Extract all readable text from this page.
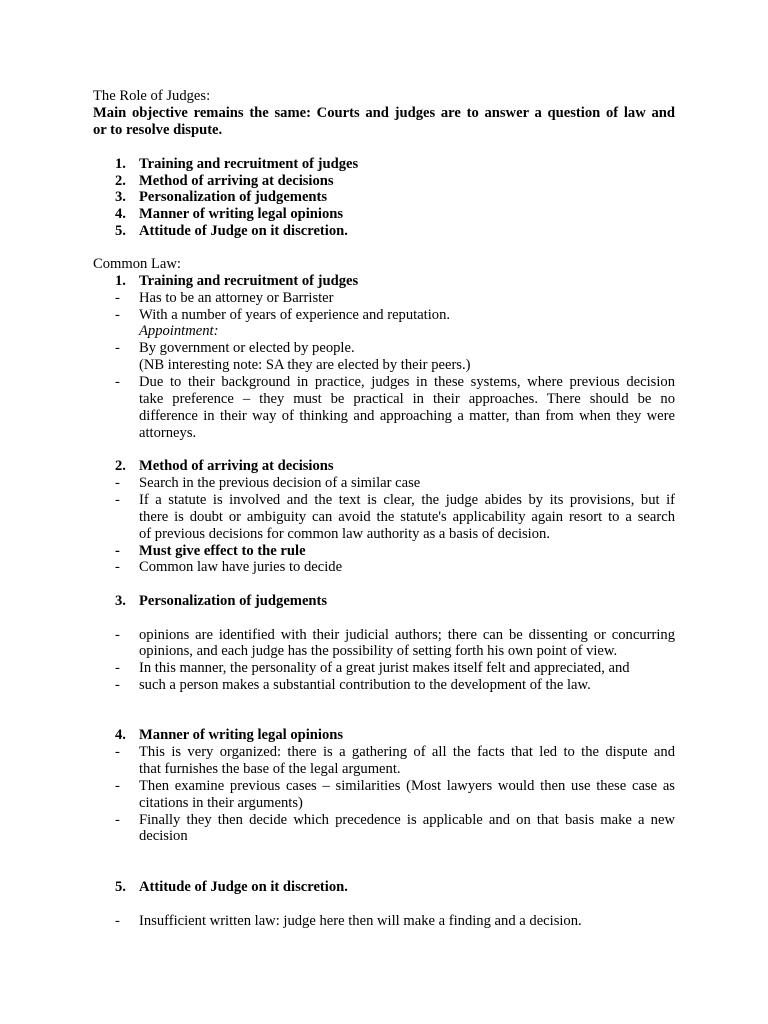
The Role of Judges:
Main objective remains the same: Courts and judges are to answer a question of law and
or to resolve dispute.
1. Training and recruitment of judges
2. Method of arriving at decisions
3. Personalization of judgements
4. Manner of writing legal opinions
5. Attitude of Judge on it discretion.
Common Law:
1. Training and recruitment of judges
-	Has to be an attorney or Barrister
-	With a number of years of experience and reputation.
Appointment:
-	By government or elected by people.
(NB interesting note: SA they are elected by their peers.)
-	Due to their background in practice, judges in these systems, where previous decision
take preference – they must be practical in their approaches. There should be no
difference in their way of thinking and approaching a matter, than from when they were
attorneys.
2. Method of arriving at decisions
-	Search in the previous decision of a similar case
-	If a statute is involved and the text is clear, the judge abides by its provisions, but if
there is doubt or ambiguity can avoid the statute's applicability again resort to a search
of previous decisions for common law authority as a basis of decision.
-	Must give effect to the rule
-	Common law have juries to decide
3. Personalization of judgements
-	opinions are identified with their judicial authors; there can be dissenting or concurring
opinions, and each judge has the possibility of setting forth his own point of view.
-	In this manner, the personality of a great jurist makes itself felt and appreciated, and
-	such a person makes a substantial contribution to the development of the law.
4. Manner of writing legal opinions
-	This is very organized: there is a gathering of all the facts that led to the dispute and
that furnishes the base of the legal argument.
-	Then examine previous cases – similarities (Most lawyers would then use these case as
citations in their arguments)
-	Finally they then decide which precedence is applicable and on that basis make a new
decision
5. Attitude of Judge on it discretion.
-	Insufficient written law: judge here then will make a finding and a decision.
